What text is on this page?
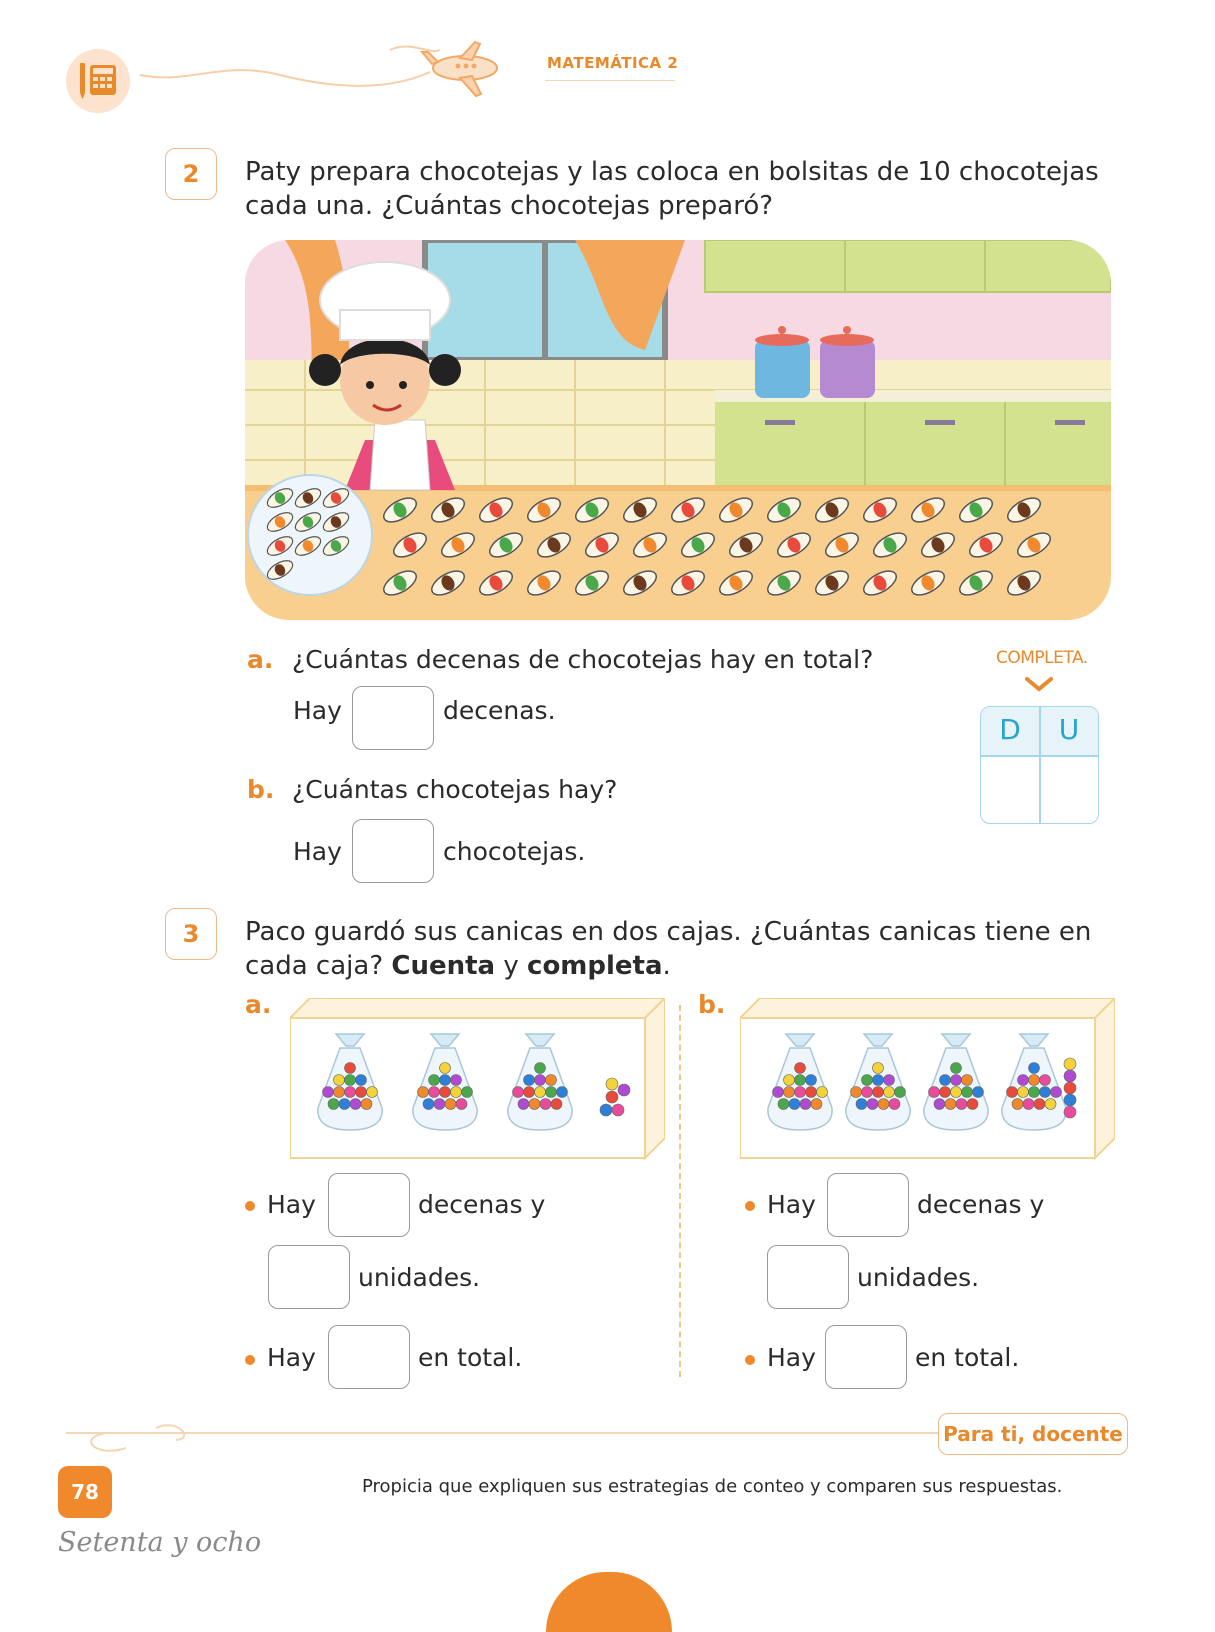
MATEMÁTICA 2
2	Paty prepara chocotejas y las coloca en bolsitas de 10 chocotejas
cada una. ¿Cuántas chocotejas preparó?
a. ¿Cuántas decenas de chocotejas hay en total?
Hay	decenas.
b. ¿Cuántas chocotejas hay?
Hay	chocotejas.
COMPLETA.
D	U
3	Paco guardó sus canicas en dos cajas. ¿Cuántas canicas tiene en
cada caja? Cuenta y completa.
a.	b.
Hay	decenas y
unidades.
Hay	en total.
Hay	decenas y
unidades.
Hay	en total.
Para ti, docente
Propicia que expliquen sus estrategias de conteo y comparen sus respuestas.
78
Setenta y ocho
